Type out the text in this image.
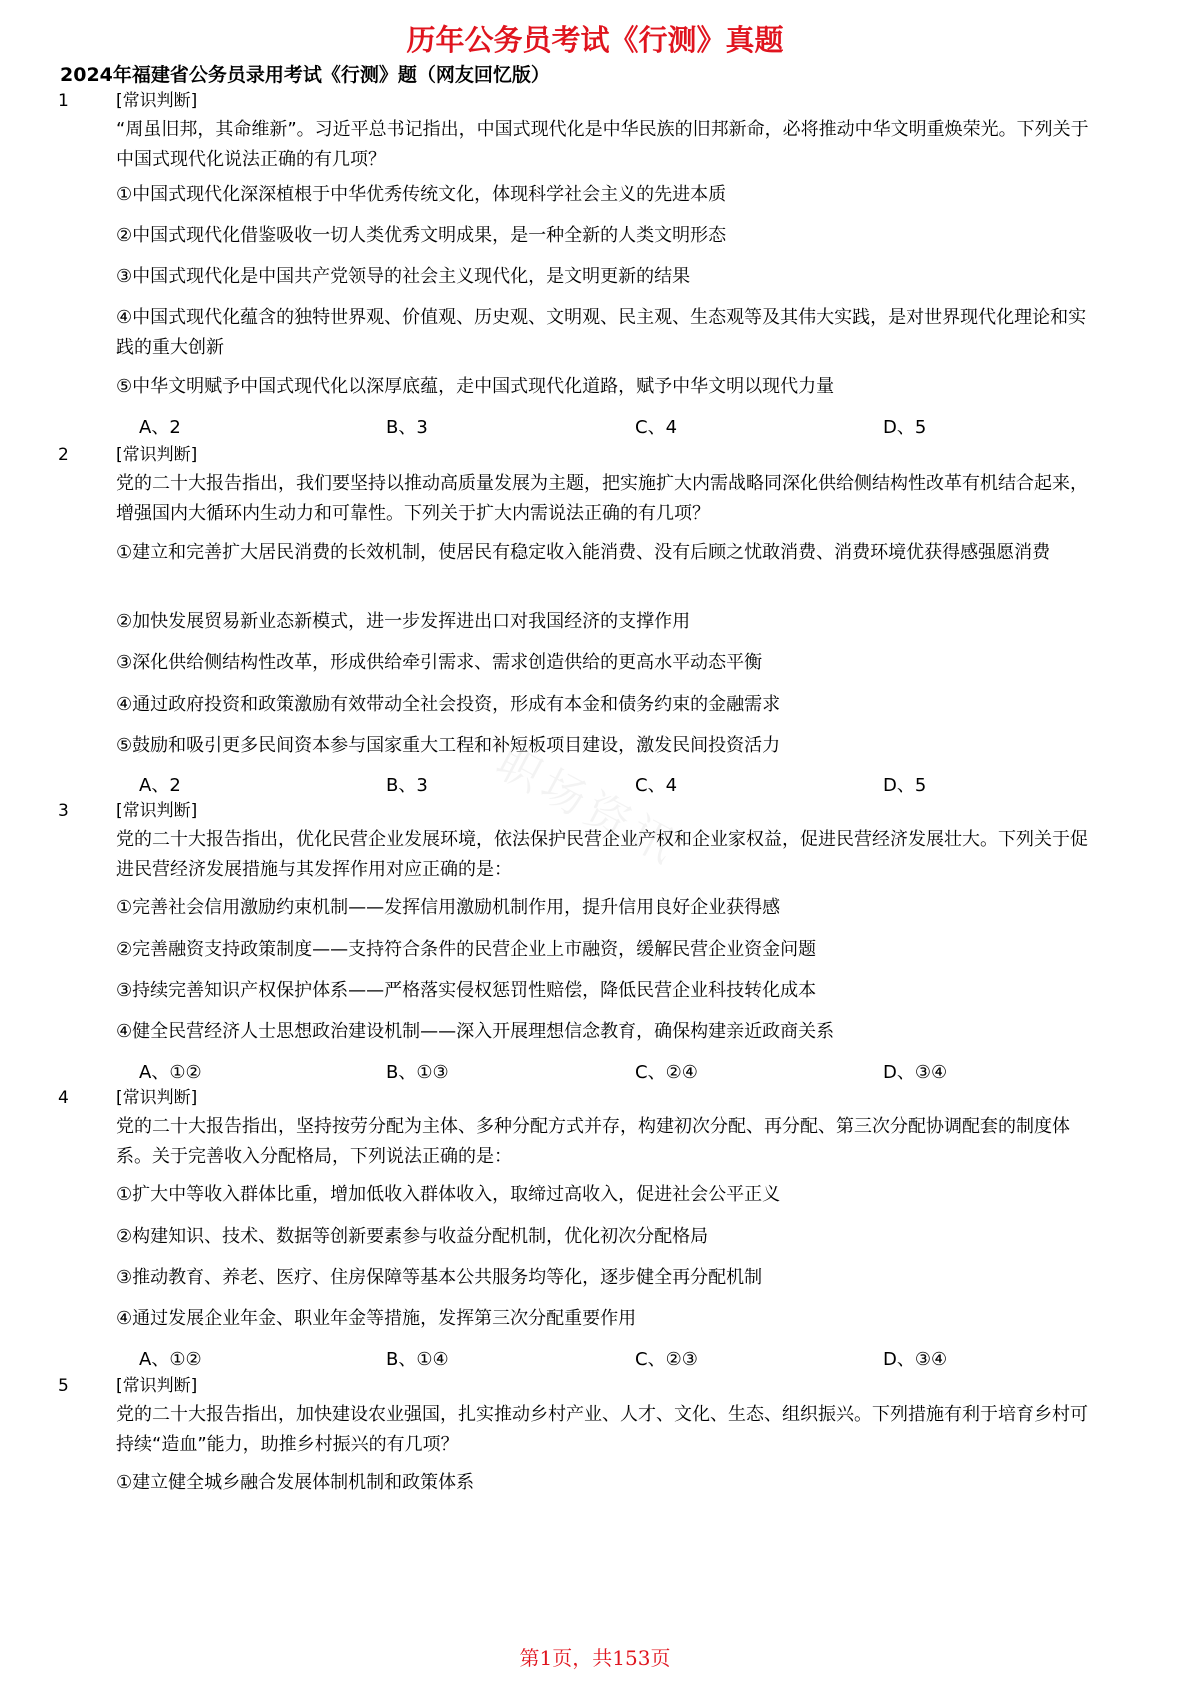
历年公务员考试《行测》真题
2024年福建省公务员录用考试《行测》题（网友回忆版）
1	[常识判断]
“周虽旧邦，其命维新”。习近平总书记指出，中国式现代化是中华民族的旧邦新命，必将推动中华文明重焕荣光。下列关于中国式现代化说法正确的有几项？
①中国式现代化深深植根于中华优秀传统文化，体现科学社会主义的先进本质
②中国式现代化借鉴吸收一切人类优秀文明成果，是一种全新的人类文明形态
③中国式现代化是中国共产党领导的社会主义现代化，是文明更新的结果
④中国式现代化蕴含的独特世界观、价值观、历史观、文明观、民主观、生态观等及其伟大实践，是对世界现代化理论和实践的重大创新
⑤中华文明赋予中国式现代化以深厚底蕴，走中国式现代化道路，赋予中华文明以现代力量
A、2	B、3	C、4	D、5
2	[常识判断]
党的二十大报告指出，我们要坚持以推动高质量发展为主题，把实施扩大内需战略同深化供给侧结构性改革有机结合起来，增强国内大循环内生动力和可靠性。下列关于扩大内需说法正确的有几项？
①建立和完善扩大居民消费的长效机制，使居民有稳定收入能消费、没有后顾之忧敢消费、消费环境优获得感强愿消费
②加快发展贸易新业态新模式，进一步发挥进出口对我国经济的支撑作用
③深化供给侧结构性改革，形成供给牵引需求、需求创造供给的更高水平动态平衡
④通过政府投资和政策激励有效带动全社会投资，形成有本金和债务约束的金融需求
⑤鼓励和吸引更多民间资本参与国家重大工程和补短板项目建设，激发民间投资活力
A、2	B、3	C、4	D、5
3	[常识判断]
党的二十大报告指出，优化民营企业发展环境，依法保护民营企业产权和企业家权益，促进民营经济发展壮大。下列关于促进民营经济发展措施与其发挥作用对应正确的是：
①完善社会信用激励约束机制——发挥信用激励机制作用，提升信用良好企业获得感
②完善融资支持政策制度——支持符合条件的民营企业上市融资，缓解民营企业资金问题
③持续完善知识产权保护体系——严格落实侵权惩罚性赔偿，降低民营企业科技转化成本
④健全民营经济人士思想政治建设机制——深入开展理想信念教育，确保构建亲近政商关系
A、①②	B、①③	C、②④	D、③④
4	[常识判断]
党的二十大报告指出，坚持按劳分配为主体、多种分配方式并存，构建初次分配、再分配、第三次分配协调配套的制度体系。关于完善收入分配格局，下列说法正确的是：
①扩大中等收入群体比重，增加低收入群体收入，取缔过高收入，促进社会公平正义
②构建知识、技术、数据等创新要素参与收益分配机制，优化初次分配格局
③推动教育、养老、医疗、住房保障等基本公共服务均等化，逐步健全再分配机制
④通过发展企业年金、职业年金等措施，发挥第三次分配重要作用
A、①②	B、①④	C、②③	D、③④
5	[常识判断]
党的二十大报告指出，加快建设农业强国，扎实推动乡村产业、人才、文化、生态、组织振兴。下列措施有利于培育乡村可持续“造血”能力，助推乡村振兴的有几项？
①建立健全城乡融合发展体制机制和政策体系
第1页，共153页
